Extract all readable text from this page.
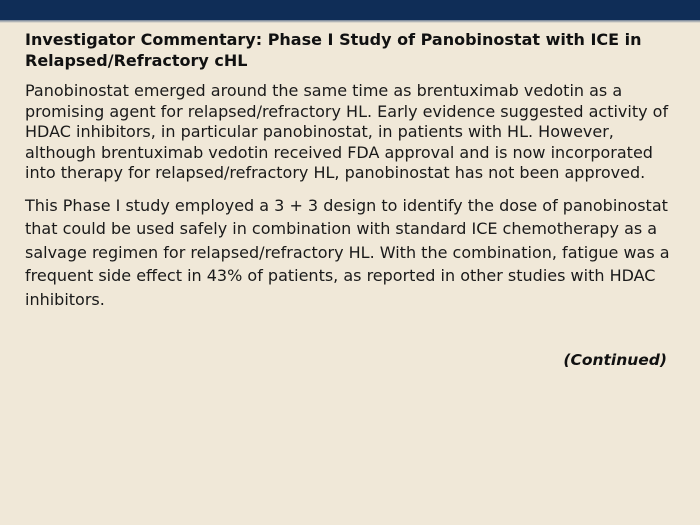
Investigator Commentary: Phase I Study of Panobinostat with ICE in Relapsed/Refractory cHL

Panobinostat emerged around the same time as brentuximab vedotin as a promising agent for relapsed/refractory HL. Early evidence suggested activity of HDAC inhibitors, in particular panobinostat, in patients with HL. However, although brentuximab vedotin received FDA approval and is now incorporated into therapy for relapsed/refractory HL, panobinostat has not been approved.

This Phase I study employed a 3 + 3 design to identify the dose of panobinostat that could be used safely in combination with standard ICE chemotherapy as a salvage regimen for relapsed/refractory HL. With the combination, fatigue was a frequent side effect in 43% of patients, as reported in other studies with HDAC inhibitors.

(Continued)
